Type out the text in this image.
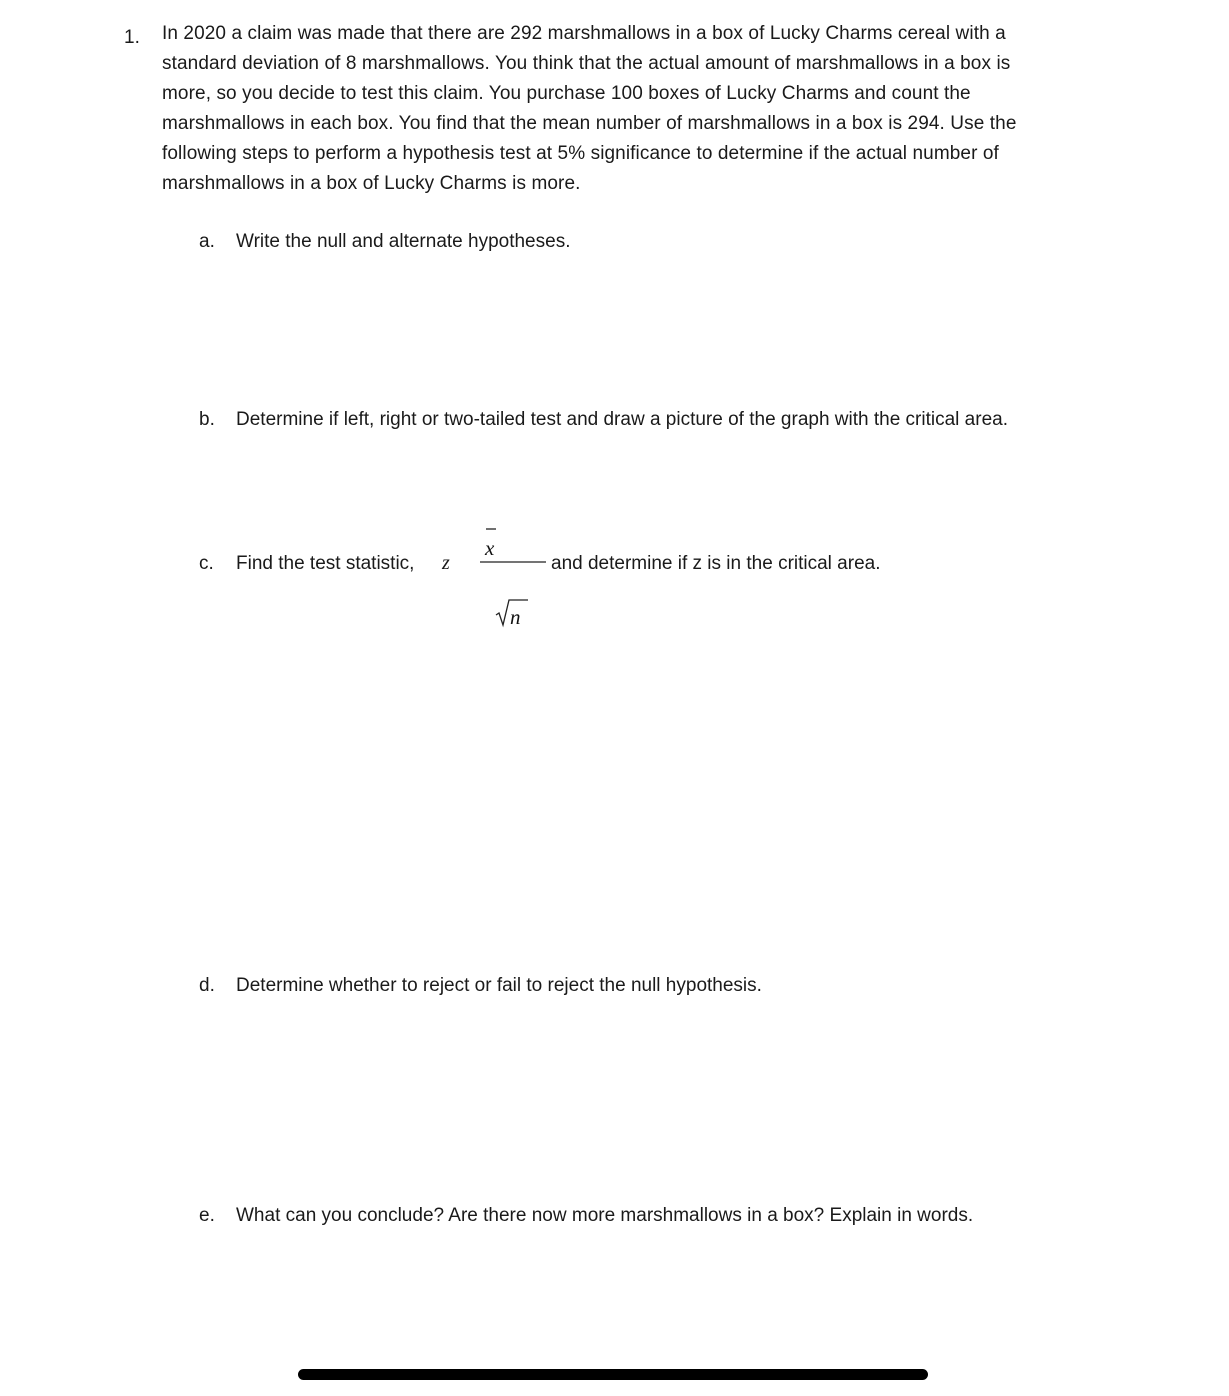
1. In 2020 a claim was made that there are 292 marshmallows in a box of Lucky Charms cereal with a
standard deviation of 8 marshmallows. You think that the actual amount of marshmallows in a box is
more, so you decide to test this claim. You purchase 100 boxes of Lucky Charms and count the
marshmallows in each box. You find that the mean number of marshmallows in a box is 294. Use the
following steps to perform a hypothesis test at 5% significance to determine if the actual number of
marshmallows in a box of Lucky Charms is more.
a. Write the null and alternate hypotheses.
b. Determine if left, right or two-tailed test and draw a picture of the graph with the critical area.
c. Find the test statistic, z
x
n
and determine if z is in the critical area.
d. Determine whether to reject or fail to reject the null hypothesis.
e. What can you conclude? Are there now more marshmallows in a box? Explain in words.
